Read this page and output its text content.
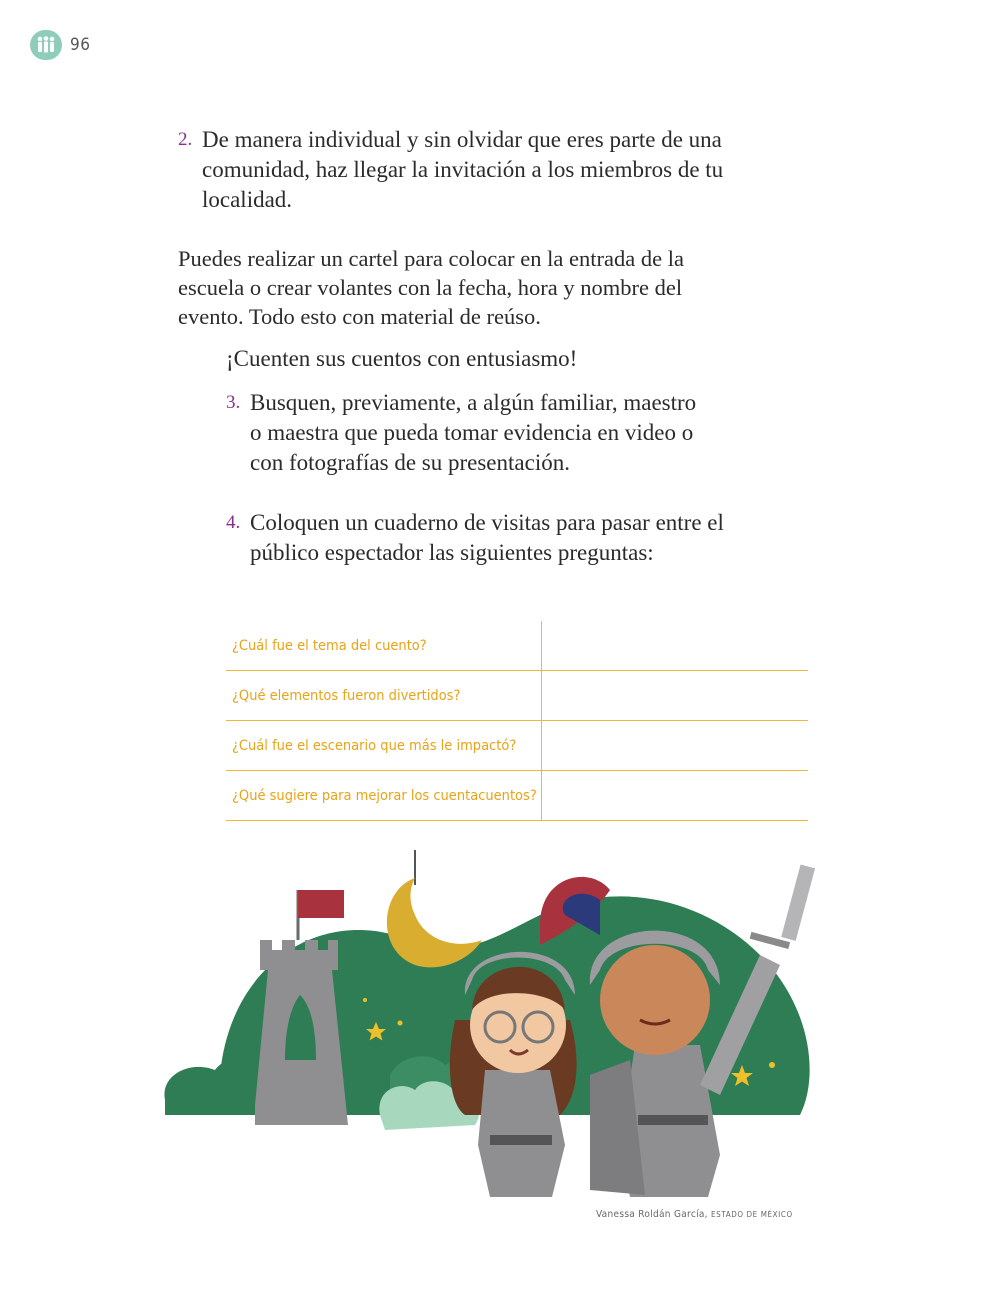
96
2. De manera individual y sin olvidar que eres parte de una comunidad, haz llegar la invitación a los miembros de tu localidad.
Puedes realizar un cartel para colocar en la entrada de la escuela o crear volantes con la fecha, hora y nombre del evento. Todo esto con material de reúso.
¡Cuenten sus cuentos con entusiasmo!
3. Busquen, previamente, a algún familiar, maestro o maestra que pueda tomar evidencia en video o con fotografías de su presentación.
4. Coloquen un cuaderno de visitas para pasar entre el público espectador las siguientes preguntas:
¿Cuál fue el tema del cuento?	
¿Qué elementos fueron divertidos?	
¿Cuál fue el escenario que más le impactó?	
¿Qué sugiere para mejorar los cuentacuentos?	
Vanessa Roldán García, ESTADO DE MÉXICO
